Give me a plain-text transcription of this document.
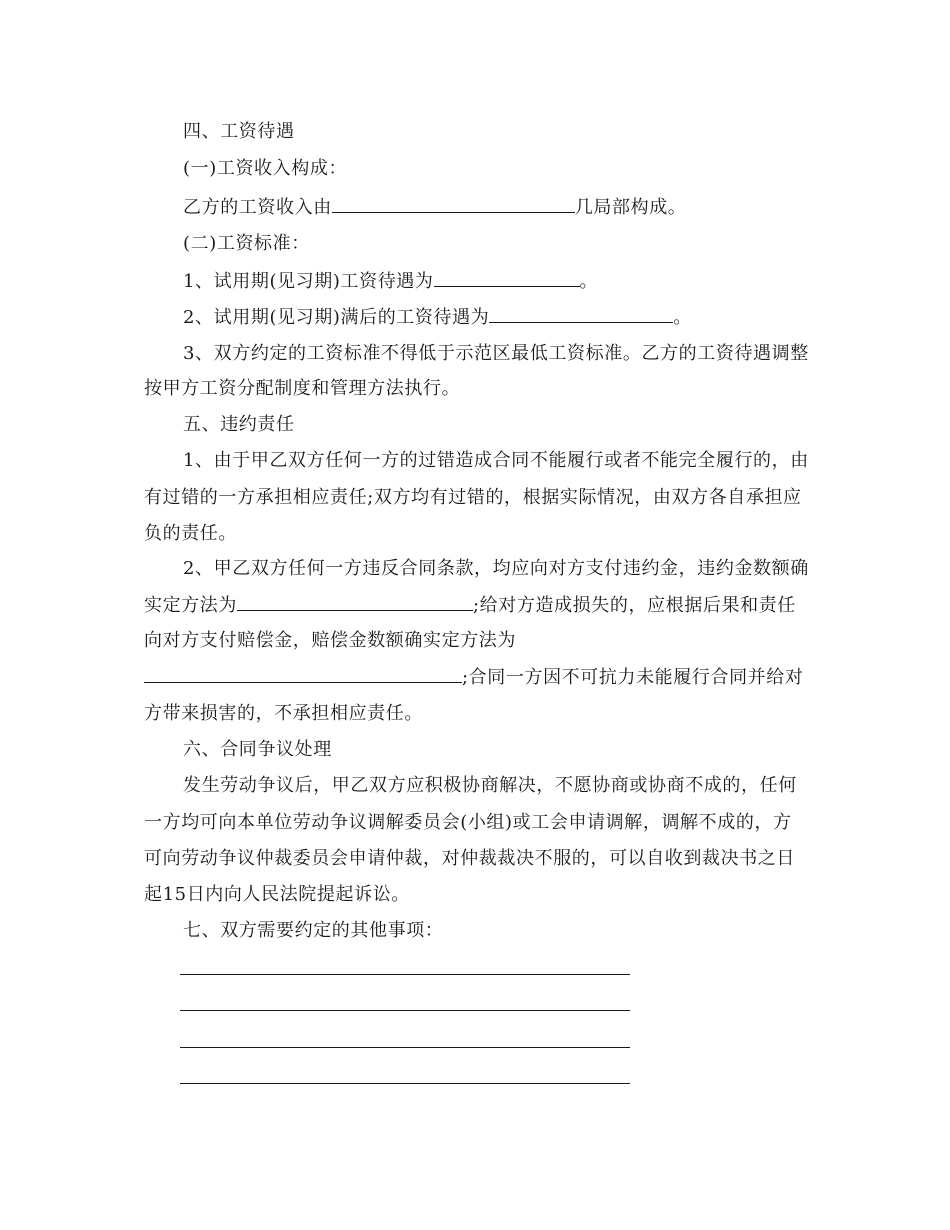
四、工资待遇
(一)工资收入构成：
乙方的工资收入由	几局部构成。
(二)工资标准：
1、试用期(见习期)工资待遇为	。
2、试用期(见习期)满后的工资待遇为	。
3、双方约定的工资标准不得低于示范区最低工资标准。乙方的工资待遇调整
按甲方工资分配制度和管理方法执行。
五、违约责任
1、由于甲乙双方任何一方的过错造成合同不能履行或者不能完全履行的，由
有过错的一方承担相应责任;双方均有过错的，根据实际情况，由双方各自承担应
负的责任。
2、甲乙双方任何一方违反合同条款，均应向对方支付违约金，违约金数额确
实定方法为	;给对方造成损失的，应根据后果和责任
向对方支付赔偿金，赔偿金数额确实定方法为
;合同一方因不可抗力未能履行合同并给对
方带来损害的，不承担相应责任。
六、合同争议处理
发生劳动争议后，甲乙双方应积极协商解决，不愿协商或协商不成的，任何
一方均可向本单位劳动争议调解委员会(小组)或工会申请调解，调解不成的，方
可向劳动争议仲裁委员会申请仲裁，对仲裁裁决不服的，可以自收到裁决书之日
起15日内向人民法院提起诉讼。
七、双方需要约定的其他事项：
